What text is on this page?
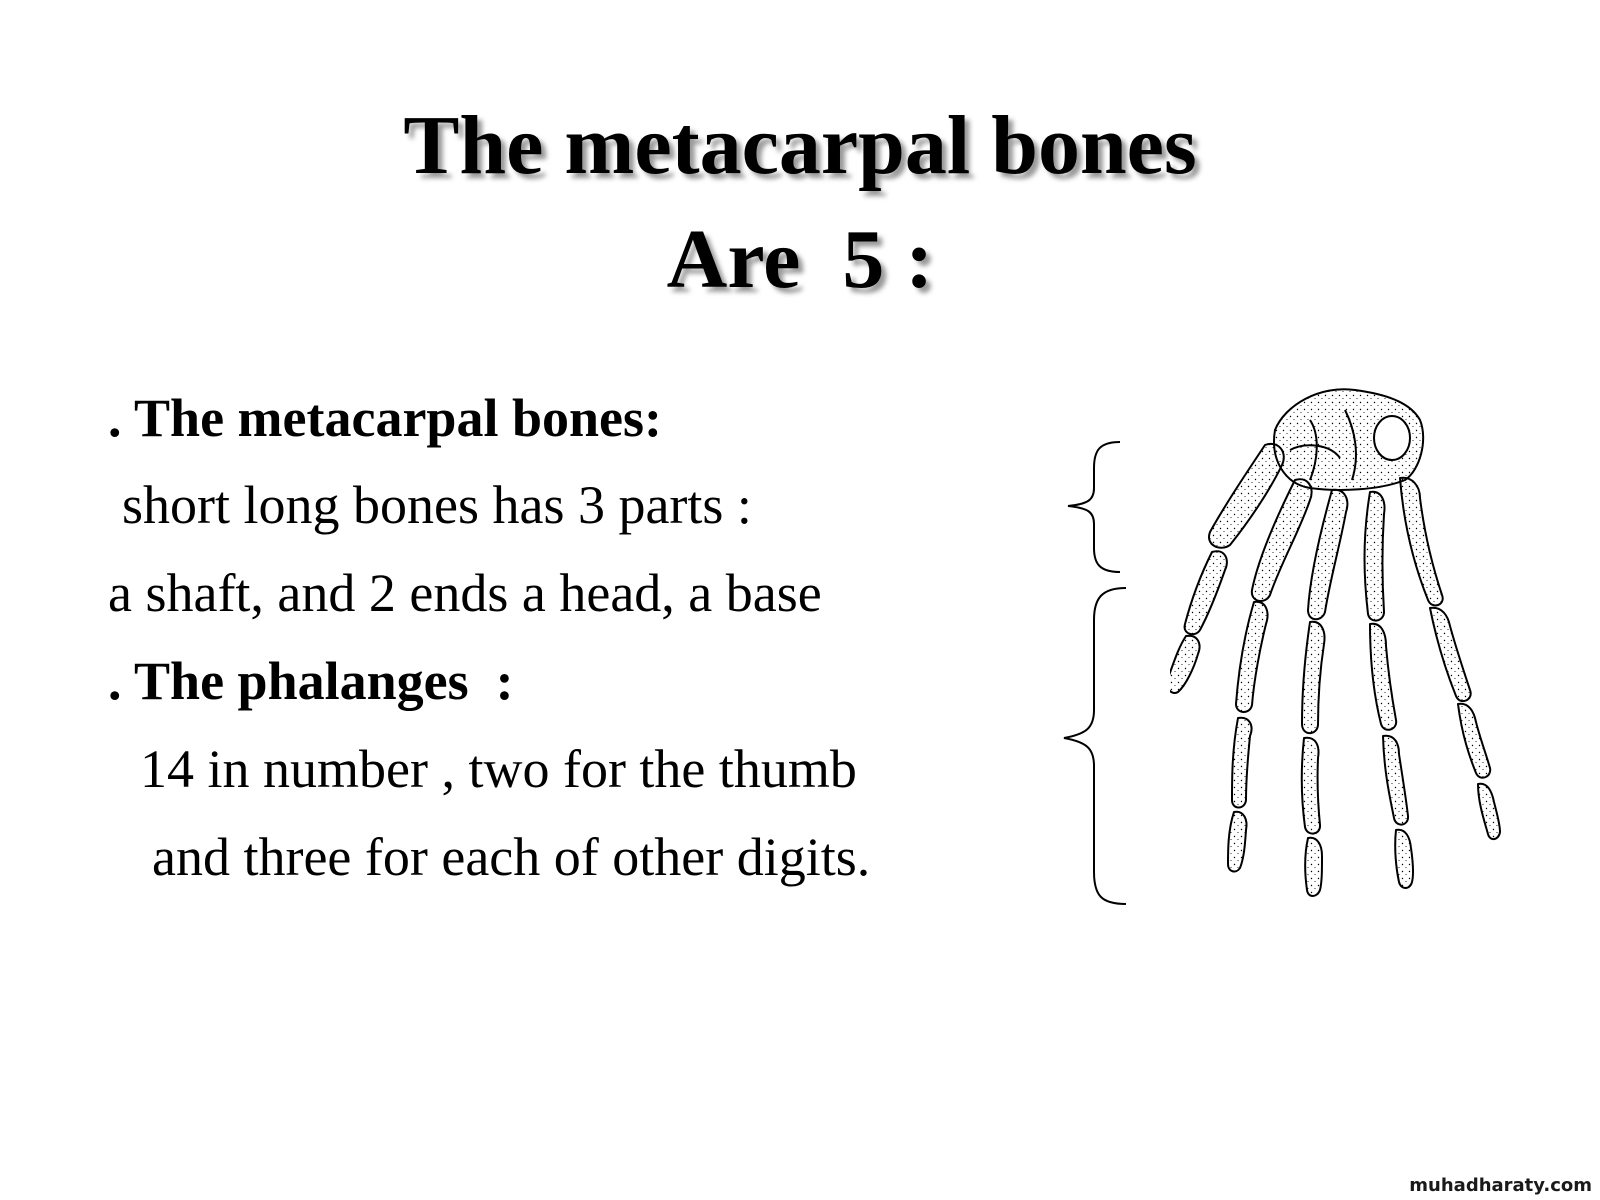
The metacarpal bones
Are  5 :
. The metacarpal bones:
short long bones has 3 parts :
a shaft, and 2 ends a head, a base
. The phalanges  :
14 in number , two for the thumb
and three for each of other digits.
muhadharaty.com
